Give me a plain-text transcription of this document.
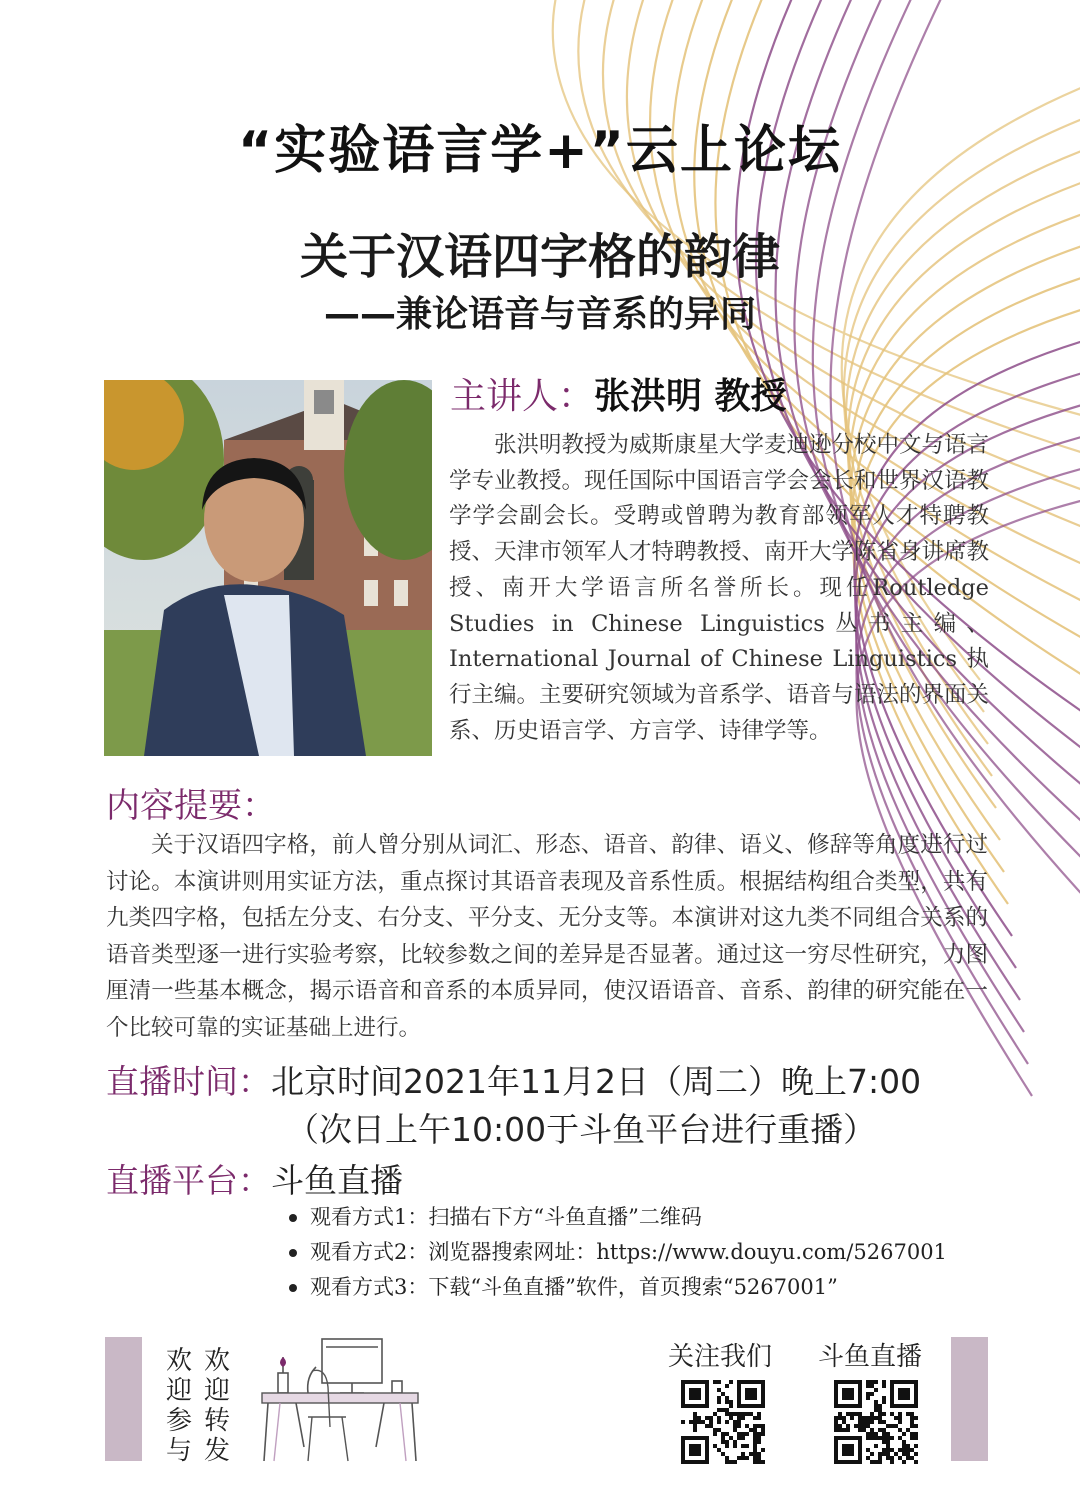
“实验语言学+”云上论坛
关于汉语四字格的韵律
——兼论语音与音系的异同
主讲人：张洪明 教授

张洪明教授为威斯康星大学麦迪逊分校中文与语言学专业教授。现任国际中国语言学会会长和世界汉语教学学会副会长。受聘或曾聘为教育部领军人才特聘教授、天津市领军人才特聘教授、南开大学陈省身讲席教授、南开大学语言所名誉所长。现任Routledge Studies in Chinese Linguistics丛书主编、International Journal of Chinese Linguistics 执行主编。主要研究领域为音系学、语音与语法的界面关系、历史语言学、方言学、诗律学等。

内容提要：

关于汉语四字格，前人曾分别从词汇、形态、语音、韵律、语义、修辞等角度进行过讨论。本演讲则用实证方法，重点探讨其语音表现及音系性质。根据结构组合类型，共有九类四字格，包括左分支、右分支、平分支、无分支等。本演讲对这九类不同组合关系的语音类型逐一进行实验考察，比较参数之间的差异是否显著。通过这一穷尽性研究，力图厘清一些基本概念，揭示语音和音系的本质异同，使汉语语音、音系、韵律的研究能在一个比较可靠的实证基础上进行。

直播时间：北京时间2021年11月2日（周二）晚上7:00
（次日上午10:00于斗鱼平台进行重播）
直播平台：斗鱼直播
观看方式1：扫描右下方“斗鱼直播”二维码
观看方式2：浏览器搜索网址：https://www.douyu.com/5267001
观看方式3：下载“斗鱼直播”软件，首页搜索“5267001”
欢迎转发
欢迎参与
关注我们 斗鱼直播
